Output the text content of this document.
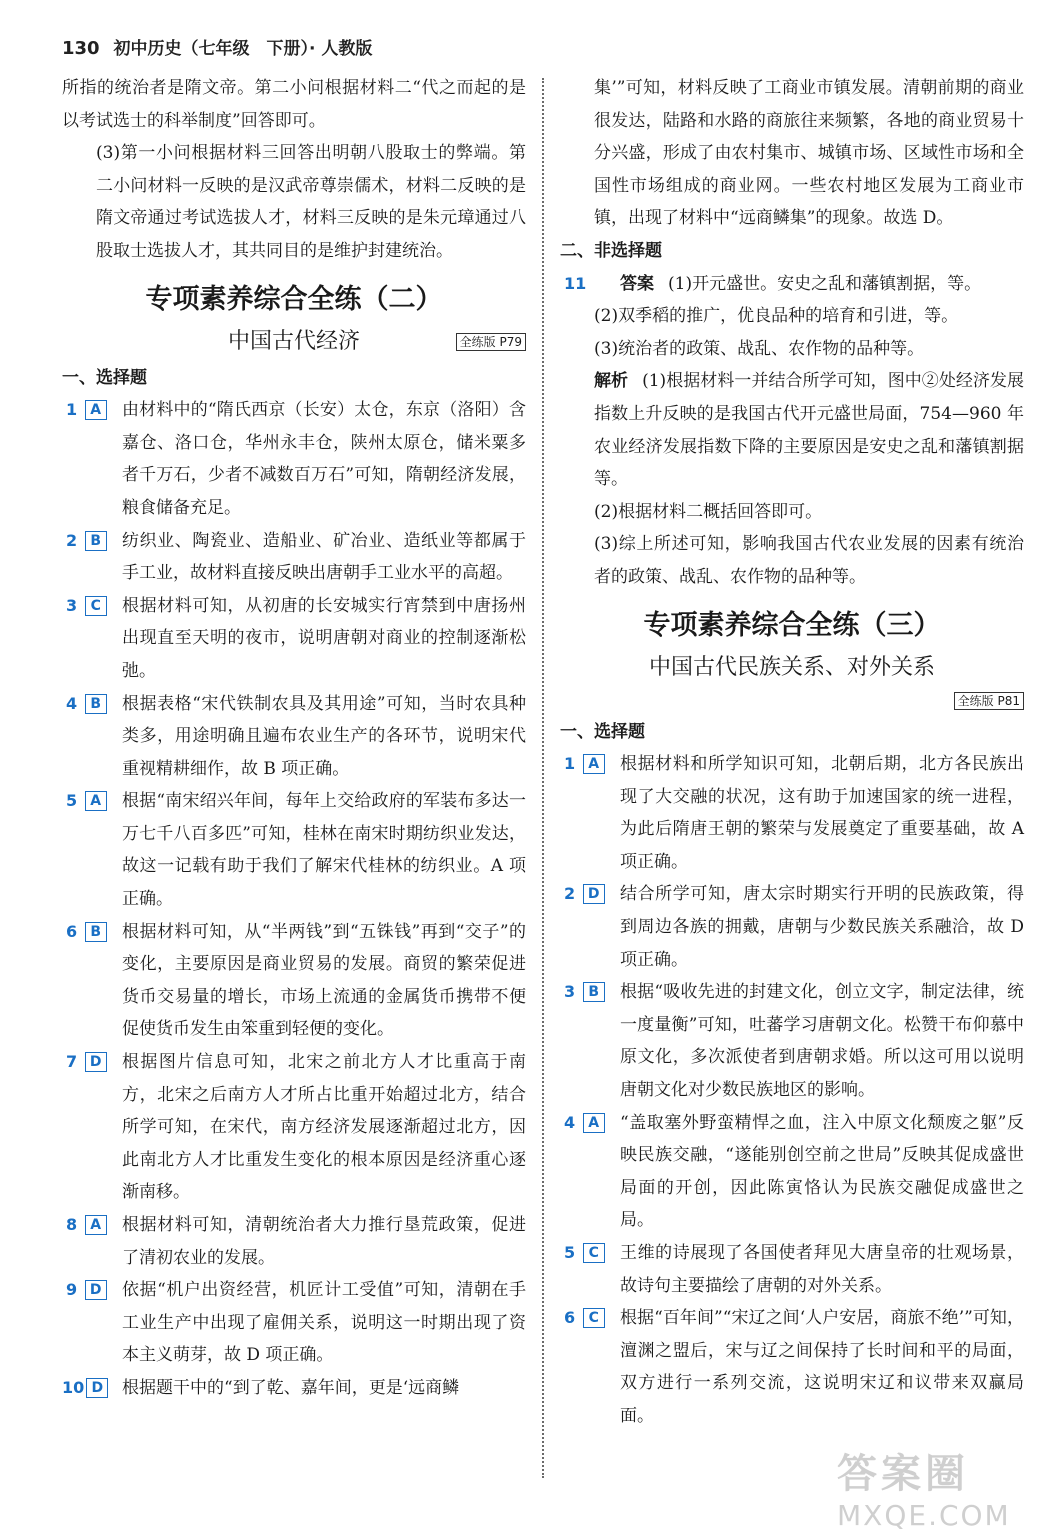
130 初中历史（七年级　下册）· 人教版
所指的统治者是隋文帝。第二小问根据材料二“代之而起的是以考试选士的科举制度”回答即可。
(3)第一小问根据材料三回答出明朝八股取士的弊端。第二小问材料一反映的是汉武帝尊崇儒术，材料二反映的是隋文帝通过考试选拔人才，材料三反映的是朱元璋通过八股取士选拔人才，其共同目的是维护封建统治。
专项素养综合全练（二）
中国古代经济	全练版 P79
一、选择题
1 A	由材料中的“隋氏西京（长安）太仓，东京（洛阳）含嘉仓、洛口仓，华州永丰仓，陕州太原仓，储米粟多者千万石，少者不减数百万石”可知，隋朝经济发展，粮食储备充足。
2 B	纺织业、陶瓷业、造船业、矿冶业、造纸业等都属于手工业，故材料直接反映出唐朝手工业水平的高超。
3 C	根据材料可知，从初唐的长安城实行宵禁到中唐扬州出现直至天明的夜市，说明唐朝对商业的控制逐渐松弛。
4 B	根据表格“宋代铁制农具及其用途”可知，当时农具种类多，用途明确且遍布农业生产的各环节，说明宋代重视精耕细作，故 B 项正确。
5 A	根据“南宋绍兴年间，每年上交给政府的军装布多达一万七千八百多匹”可知，桂林在南宋时期纺织业发达，故这一记载有助于我们了解宋代桂林的纺织业。A 项正确。
6 B	根据材料可知，从“半两钱”到“五铢钱”再到“交子”的变化，主要原因是商业贸易的发展。商贸的繁荣促进货币交易量的增长，市场上流通的金属货币携带不便促使货币发生由笨重到轻便的变化。
7 D	根据图片信息可知，北宋之前北方人才比重高于南方，北宋之后南方人才所占比重开始超过北方，结合所学可知，在宋代，南方经济发展逐渐超过北方，因此南北方人才比重发生变化的根本原因是经济重心逐渐南移。
8 A	根据材料可知，清朝统治者大力推行垦荒政策，促进了清初农业的发展。
9 D	依据“机户出资经营，机匠计工受值”可知，清朝在手工业生产中出现了雇佣关系，说明这一时期出现了资本主义萌芽，故 D 项正确。
10 D	根据题干中的“到了乾、嘉年间，更是‘远商鳞
集’”可知，材料反映了工商业市镇发展。清朝前期的商业很发达，陆路和水路的商旅往来频繁，各地的商业贸易十分兴盛，形成了由农村集市、城镇市场、区域性市场和全国性市场组成的商业网。一些农村地区发展为工商业市镇，出现了材料中“远商鳞集”的现象。故选 D。
二、非选择题
11 答案 (1)开元盛世。安史之乱和藩镇割据，等。
(2)双季稻的推广，优良品种的培育和引进，等。
(3)统治者的政策、战乱、农作物的品种等。
解析 (1)根据材料一并结合所学可知，图中②处经济发展指数上升反映的是我国古代开元盛世局面，754—960 年农业经济发展指数下降的主要原因是安史之乱和藩镇割据等。
(2)根据材料二概括回答即可。
(3)综上所述可知，影响我国古代农业发展的因素有统治者的政策、战乱、农作物的品种等。
专项素养综合全练（三）
中国古代民族关系、对外关系
全练版 P81
一、选择题
1 A	根据材料和所学知识可知，北朝后期，北方各民族出现了大交融的状况，这有助于加速国家的统一进程，为此后隋唐王朝的繁荣与发展奠定了重要基础，故 A 项正确。
2 D	结合所学可知，唐太宗时期实行开明的民族政策，得到周边各族的拥戴，唐朝与少数民族关系融洽，故 D 项正确。
3 B	根据“吸收先进的封建文化，创立文字，制定法律，统一度量衡”可知，吐蕃学习唐朝文化。松赞干布仰慕中原文化，多次派使者到唐朝求婚。所以这可用以说明唐朝文化对少数民族地区的影响。
4 A	“盖取塞外野蛮精悍之血，注入中原文化颓废之躯”反映民族交融，“遂能别创空前之世局”反映其促成盛世局面的开创，因此陈寅恪认为民族交融促成盛世之局。
5 C	王维的诗展现了各国使者拜见大唐皇帝的壮观场景，故诗句主要描绘了唐朝的对外关系。
6 C	根据“百年间”“宋辽之间‘人户安居，商旅不绝’”可知，澶渊之盟后，宋与辽之间保持了长时间和平的局面，双方进行一系列交流，这说明宋辽和议带来双赢局面。
答案圈
MXQE.COM
